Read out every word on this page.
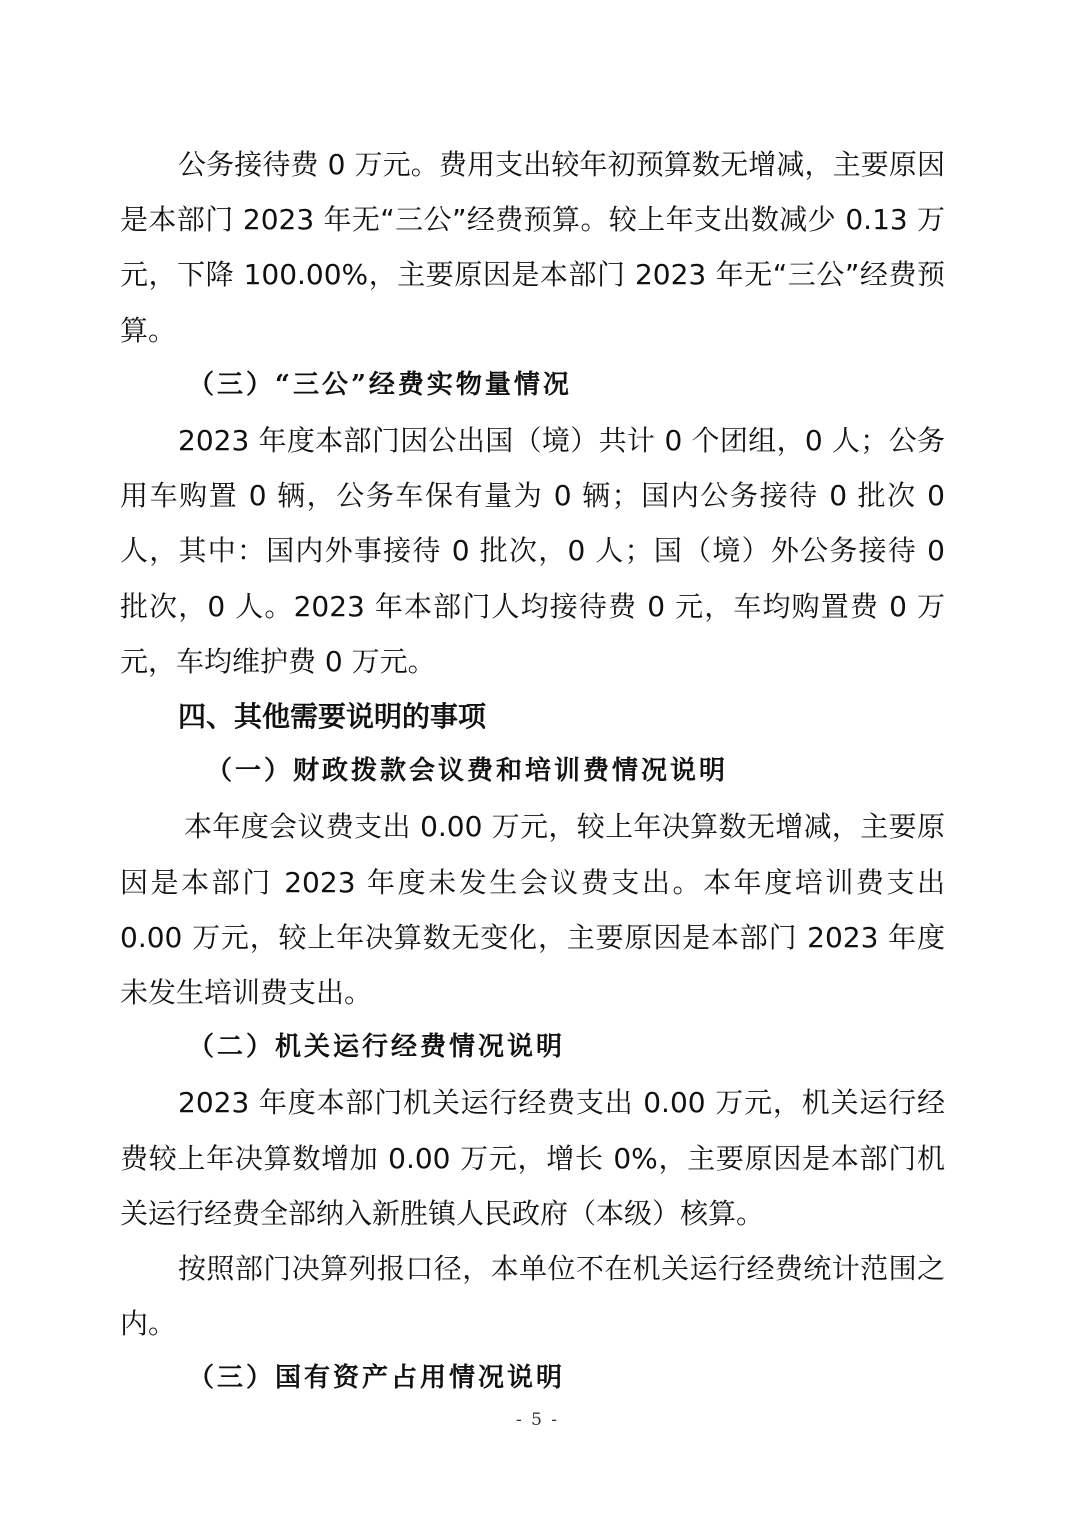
公务接待费 0 万元。费用支出较年初预算数无增减，主要原因是本部门 2023 年无“三公”经费预算。较上年支出数减少 0.13 万元，下降 100.00%，主要原因是本部门 2023 年无“三公”经费预算。

（三）“三公”经费实物量情况

2023 年度本部门因公出国（境）共计 0 个团组，0 人；公务用车购置 0 辆，公务车保有量为 0 辆；国内公务接待 0 批次 0 人，其中：国内外事接待 0 批次，0 人；国（境）外公务接待 0 批次，0 人。2023 年本部门人均接待费 0 元，车均购置费 0 万元，车均维护费 0 万元。

四、其他需要说明的事项

（一）财政拨款会议费和培训费情况说明

本年度会议费支出 0.00 万元，较上年决算数无增减，主要原因是本部门 2023 年度未发生会议费支出。本年度培训费支出 0.00 万元，较上年决算数无变化，主要原因是本部门 2023 年度未发生培训费支出。

（二）机关运行经费情况说明

2023 年度本部门机关运行经费支出 0.00 万元，机关运行经费较上年决算数增加 0.00 万元，增长 0%，主要原因是本部门机关运行经费全部纳入新胜镇人民政府（本级）核算。

按照部门决算列报口径，本单位不在机关运行经费统计范围之内。

（三）国有资产占用情况说明

- 5 -
